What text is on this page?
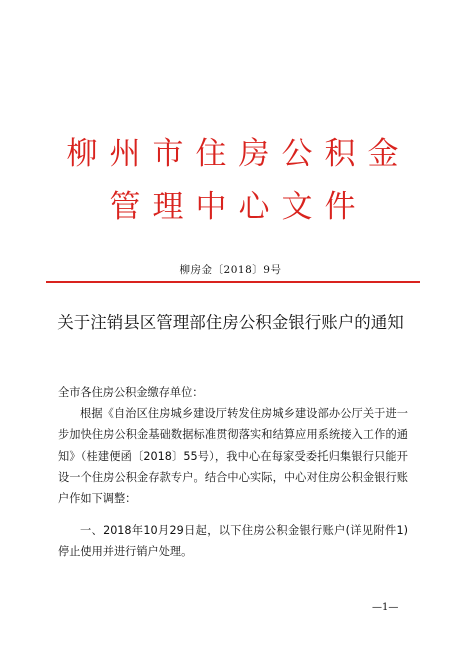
柳州市住房公积金
管理中心文件
柳房金〔2018〕9号
关于注销县区管理部住房公积金银行账户的通知
全市各住房公积金缴存单位：
根据《自治区住房城乡建设厅转发住房城乡建设部办公厅关于进一步加快住房公积金基础数据标准贯彻落实和结算应用系统接入工作的通知》（桂建便函〔2018〕55号），我中心在每家受委托归集银行只能开设一个住房公积金存款专户。结合中心实际，中心对住房公积金银行账户作如下调整：
一、2018年10月29日起，以下住房公积金银行账户(详见附件1)停止使用并进行销户处理。
—1—
